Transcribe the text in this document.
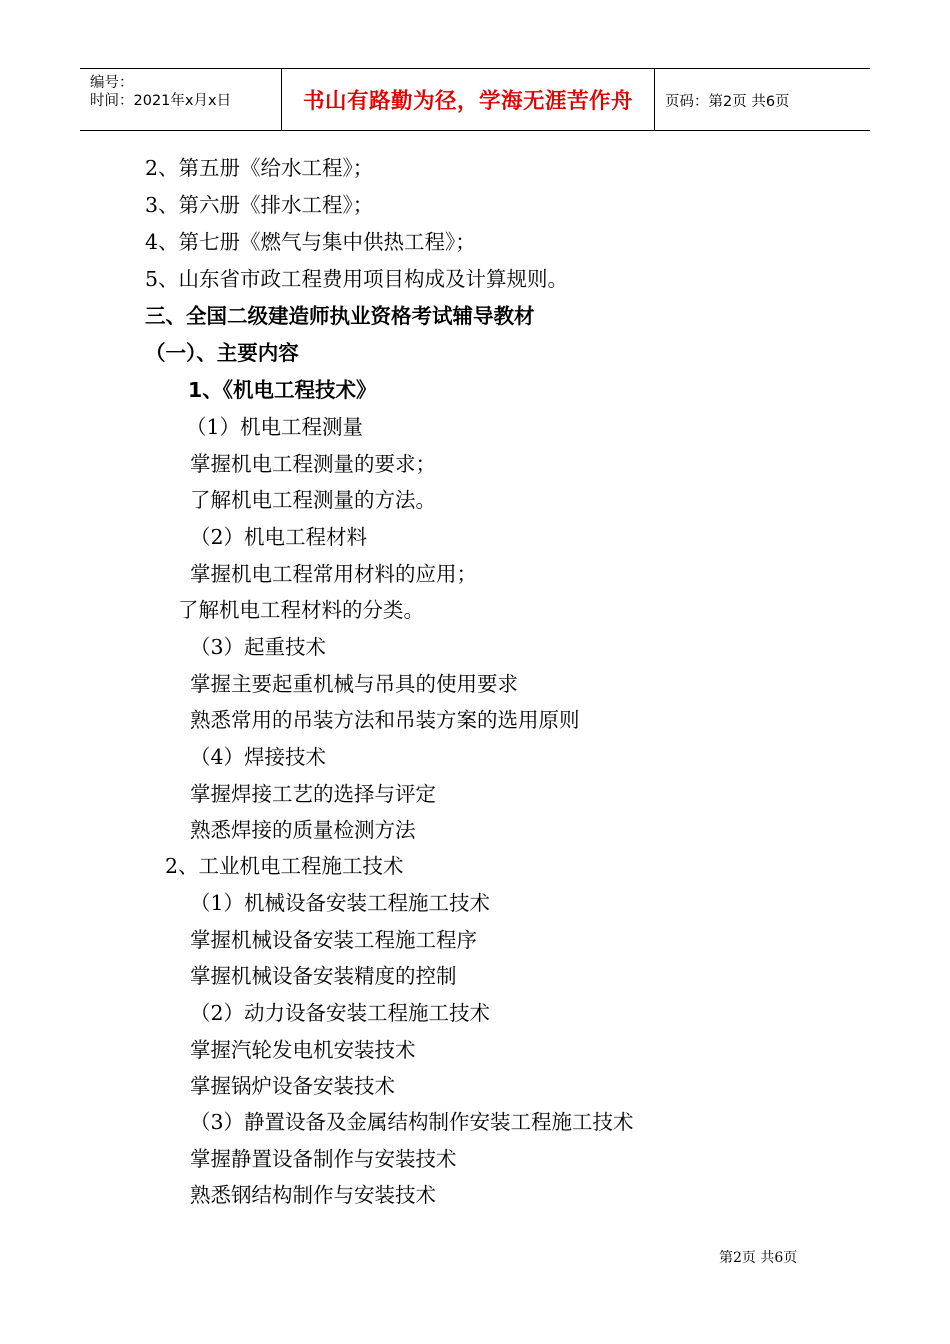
编号：
时间：2021年x月x日	书山有路勤为径，学海无涯苦作舟	页码：第2页 共6页
2、第五册《给水工程》；
3、第六册《排水工程》；
4、第七册《燃气与集中供热工程》；
5、山东省市政工程费用项目构成及计算规则。
三、全国二级建造师执业资格考试辅导教材
（一）、主要内容
1、《机电工程技术》
（1）机电工程测量
掌握机电工程测量的要求；
了解机电工程测量的方法。
（2）机电工程材料
掌握机电工程常用材料的应用；
了解机电工程材料的分类。
（3）起重技术
掌握主要起重机械与吊具的使用要求
熟悉常用的吊装方法和吊装方案的选用原则
（4）焊接技术
掌握焊接工艺的选择与评定
熟悉焊接的质量检测方法
2、工业机电工程施工技术
（1）机械设备安装工程施工技术
掌握机械设备安装工程施工程序
掌握机械设备安装精度的控制
（2）动力设备安装工程施工技术
掌握汽轮发电机安装技术
掌握锅炉设备安装技术
（3）静置设备及金属结构制作安装工程施工技术
掌握静置设备制作与安装技术
熟悉钢结构制作与安装技术
第2页 共6页
